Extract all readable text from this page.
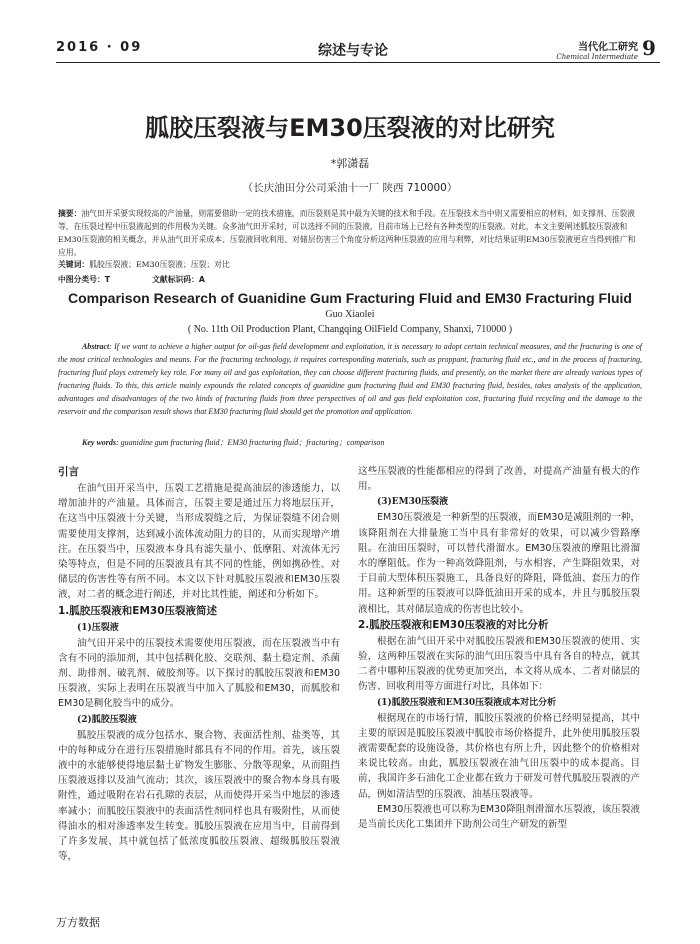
2016 · 09	综述与专论	当代化工研究
Chemical Intermediate 9
胍胶压裂液与EM30压裂液的对比研究
*郭潇磊
（长庆油田分公司采油十一厂 陕西 710000）
摘要：油气田开采要实现较高的产油量，则需要借助一定的技术措施，而压裂则是其中最为关键的技术和手段。在压裂技术当中则又需要相应的材料，如支撑剂、压裂液等，在压裂过程中压裂液起到的作用极为关键。众多油气田开采时，可以选择不同的压裂液，目前市场上已经有各种类型的压裂液。对此，本文主要阐述胍胶压裂液和EM30压裂液的相关概念，并从油气田开采成本、压裂液回收利用、对储层伤害三个角度分析这两种压裂液的应用与利弊，对比结果证明EM30压裂液更应当得到推广和应用。
关键词：胍胶压裂液；EM30压裂液；压裂；对比
中图分类号：T	文献标识码：A
Comparison Research of Guanidine Gum Fracturing Fluid and EM30 Fracturing Fluid
Guo Xiaolei
( No. 11th Oil Production Plant, Changqing OilField Company, Shanxi, 710000 )
Abstract: If we want to achieve a higher output for oil-gas field development and exploitation, it is necessary to adopt certain technical measures, and the fracturing is one of the most critical technologies and means. For the fracturing technology, it requires corresponding materials, such as proppant, fracturing fluid etc., and in the process of fracturing, fracturing fluid plays extremely key role. For many oil and gas exploitation, they can choose different fracturing fluids, and presently, on the market there are already various types of fracturing fluids. To this, this article mainly expounds the related concepts of guanidine gum fracturing fluid and EM30 fracturing fluid, besides, takes analysis of the application, advantages and disadvantages of the two kinds of fracturing fluids from three perspectives of oil and gas field exploitation cost, fracturing fluid recycling and the damage to the reservoir and the comparison result shows that EM30 fracturing fluid should get the promotion and application.
Key words: guanidine gum fracturing fluid；EM30 fracturing fluid；fracturing；comparison

引言

在油气田开采当中，压裂工艺措施是提高油层的渗透能力，以增加油井的产油量。具体而言，压裂主要是通过压力将地层压开，在这当中压裂液十分关键，当形成裂缝之后，为保证裂缝不闭合则需要使用支撑剂，达到减小流体流动阻力的目的，从而实现增产增注。在压裂当中，压裂液本身具有滤失量小、低摩阻、对流体无污染等特点，但是不同的压裂液具有其不同的性能，例如携砂性、对储层的伤害性等有所不同。本文以下针对胍胶压裂液和EM30压裂液，对二者的概念进行阐述，并对比其性能，阐述和分析如下。

1.胍胶压裂液和EM30压裂液简述

(1)压裂液

油气田开采中的压裂技术需要使用压裂液，而在压裂液当中有含有不同的添加剂，其中包括稠化胶、交联剂、黏土稳定剂、杀菌剂、助排剂、破乳剂、破胶剂等。以下探讨的胍胶压裂液和EM30压裂液，实际上表明在压裂液当中加入了胍胶和EM30，而胍胶和EM30是稠化胶当中的成分。

(2)胍胶压裂液

胍胶压裂液的成分包括水、聚合物、表面活性剂、盐类等，其中的每种成分在进行压裂措施时都具有不同的作用。首先，该压裂液中的水能够使得地层黏土矿物发生膨胀、分散等现象，从而阻挡压裂液返排以及油气流动；其次，该压裂液中的聚合物本身具有吸附性，通过吸附在岩石孔隙的表层，从而使得开采当中地层的渗透率减小；而胍胶压裂液中的表面活性剂同样也具有吸附性，从而使得油水的相对渗透率发生转变。胍胶压裂液在应用当中，目前得到了许多发展，其中就包括了低浓度胍胶压裂液、超级胍胶压裂液等，

这些压裂液的性能都相应的得到了改善，对提高产油量有极大的作用。

(3)EM30压裂液

EM30压裂液是一种新型的压裂液，而EM30是减阻剂的一种，该降阻剂在大排量施工当中具有非常好的效果，可以减少管路摩阻。在油田压裂时，可以替代滑溜水。EM30压裂液的摩阻比滑溜水的摩阻低。作为一种高效降阻剂，与水相容，产生降阻效果，对于目前大型体积压裂施工，具备良好的降阻，降低油、套压力的作用。这种新型的压裂液可以降低油田开采的成本，并且与胍胶压裂液相比，其对储层造成的伤害也比较小。

2.胍胶压裂液和EM30压裂液的对比分析

根据在油气田开采中对胍胶压裂液和EM30压裂液的使用、实验，这两种压裂液在实际的油气田压裂当中具有各自的特点，就其二者中哪种压裂液的优势更加突出，本文将从成本、二者对储层的伤害、回收利用等方面进行对比，具体如下：

(1)胍胶压裂液和EM30压裂液成本对比分析

根据现在的市场行情，胍胶压裂液的价格已经明显提高，其中主要的原因是胍胶压裂液中胍胶市场价格提升，此外使用胍胶压裂液需要配套的设施设备，其价格也有所上升，因此整个的价格相对来说比较高。由此，胍胶压裂液在油气田压裂中的成本提高。目前，我国许多石油化工企业都在致力于研发可替代胍胶压裂液的产品，例如清洁型的压裂液、油基压裂液等。

EM30压裂液也可以称为EM30降阻剂滑溜水压裂液，该压裂液是当前长庆化工集团并下助剂公司生产研发的新型

万方数据
